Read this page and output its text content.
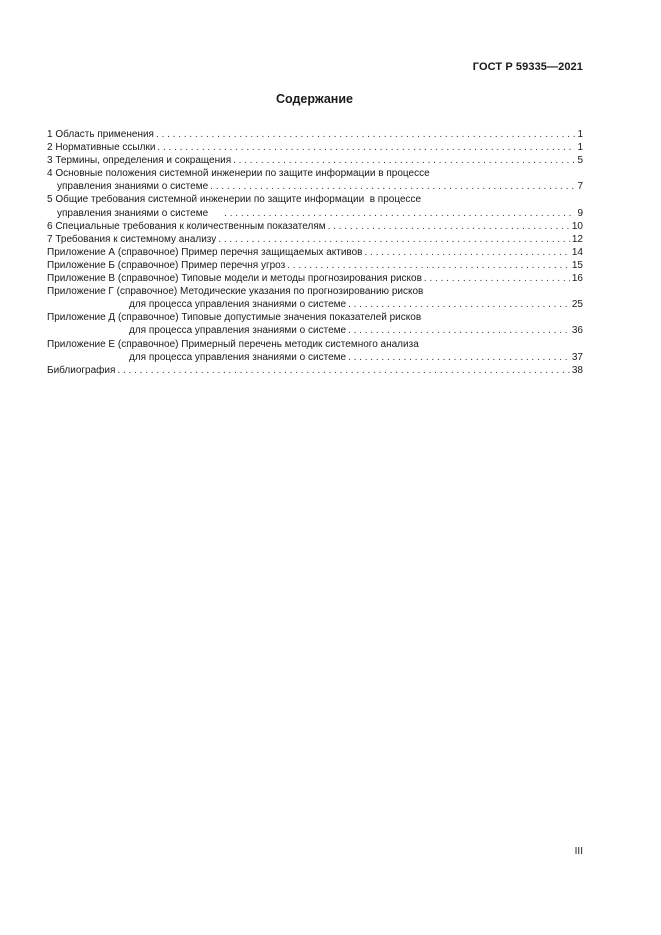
ГОСТ Р 59335—2021
Содержание
1 Область применения . . .	1
2 Нормативные ссылки . . .	1
3 Термины, определения и сокращения . . .	5
4 Основные положения системной инженерии по защите информации в процессе
управления знаниями о системе . . .	7
5 Общие требования системной инженерии по защите информации  в процессе
управления знаниями о системе . . .	9
6 Специальные требования к количественным показателям . . .	10
7 Требования к системному анализу . . .	12
Приложение А (справочное) Пример перечня защищаемых активов . . .	14
Приложение Б (справочное) Пример перечня угроз . . .	15
Приложение В (справочное) Типовые модели и методы прогнозирования рисков . . .	16
Приложение Г (справочное) Методические указания по прогнозированию рисков
для процесса управления знаниями о системе . . .	25
Приложение Д (справочное) Типовые допустимые значения показателей рисков
для процесса управления знаниями о системе . . .	36
Приложение Е (справочное) Примерный перечень методик системного анализа
для процесса управления знаниями о системе . . .	37
Библиография . . .	38
III
